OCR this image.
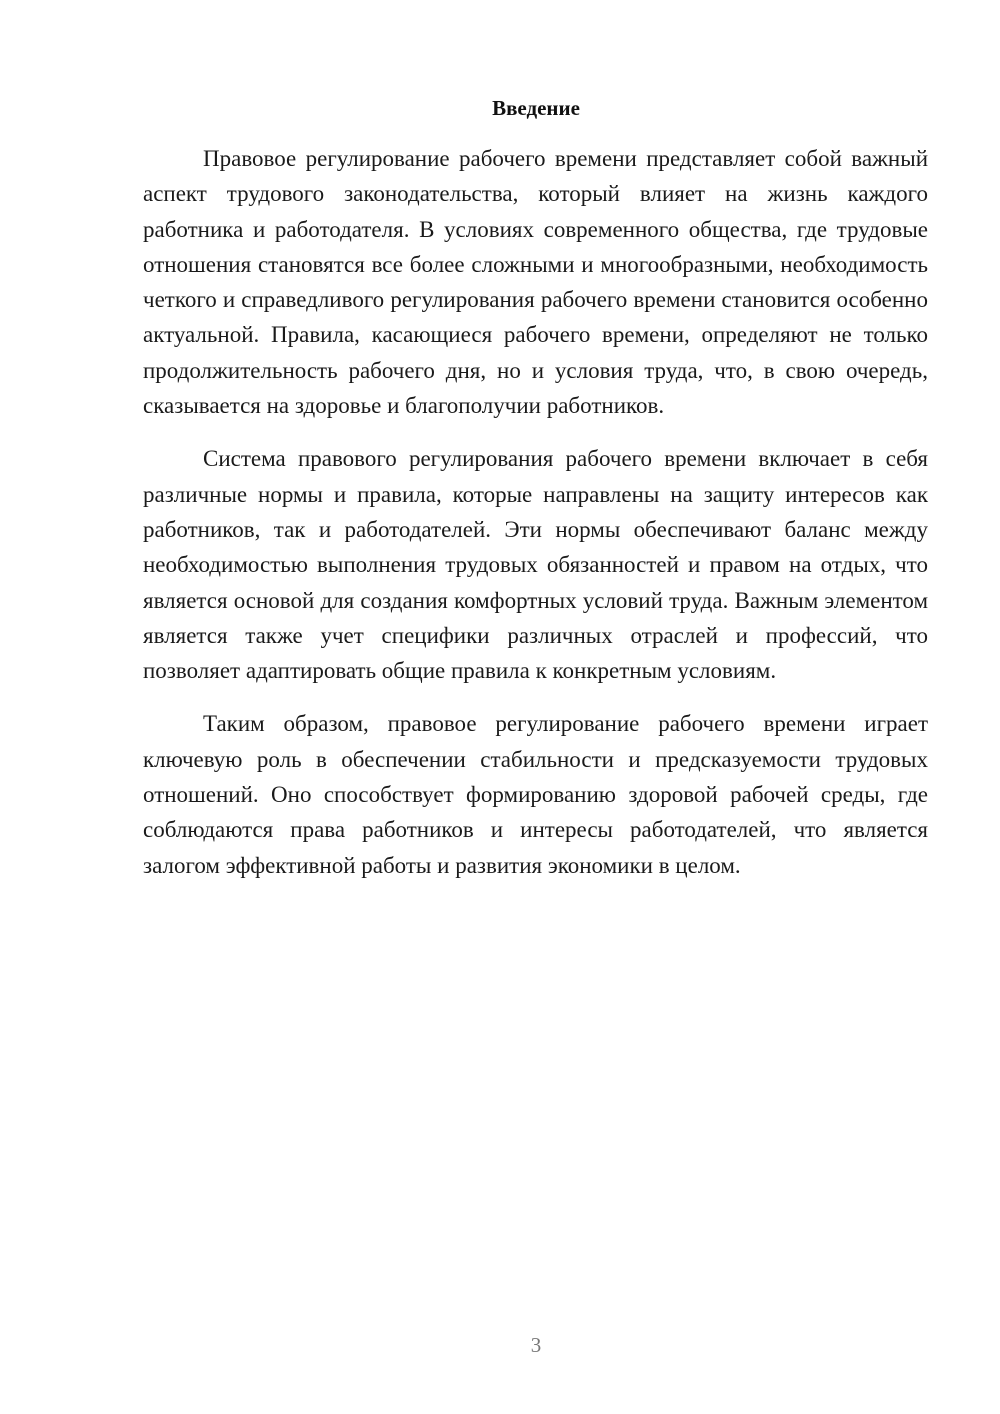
Введение

Правовое регулирование рабочего времени представляет собой важный аспект трудового законодательства, который влияет на жизнь каждого работника и работодателя. В условиях современного общества, где трудовые отношения становятся все более сложными и многообразными, необходимость четкого и справедливого регулирования рабочего времени становится особенно актуальной. Правила, касающиеся рабочего времени, определяют не только продолжительность рабочего дня, но и условия труда, что, в свою очередь, сказывается на здоровье и благополучии работников.

Система правового регулирования рабочего времени включает в себя различные нормы и правила, которые направлены на защиту интересов как работников, так и работодателей. Эти нормы обеспечивают баланс между необходимостью выполнения трудовых обязанностей и правом на отдых, что является основой для создания комфортных условий труда. Важным элементом является также учет специфики различных отраслей и профессий, что позволяет адаптировать общие правила к конкретным условиям.

Таким образом, правовое регулирование рабочего времени играет ключевую роль в обеспечении стабильности и предсказуемости трудовых отношений. Оно способствует формированию здоровой рабочей среды, где соблюдаются права работников и интересы работодателей, что является залогом эффективной работы и развития экономики в целом.

3
